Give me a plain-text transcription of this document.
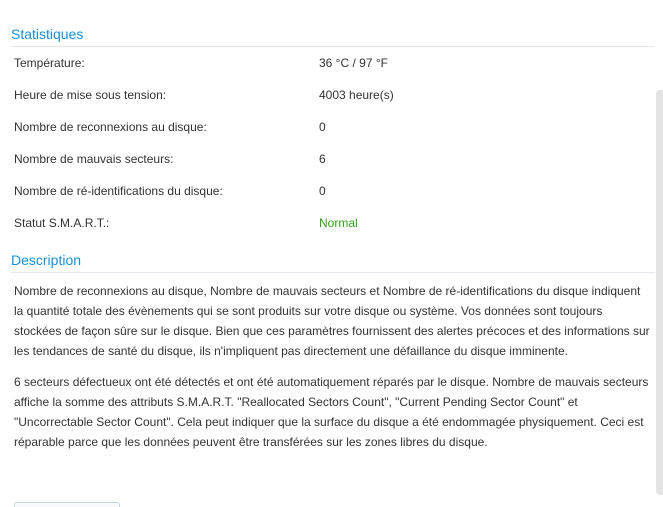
Statistiques
Température:	36 °C / 97 °F
Heure de mise sous tension:	4003 heure(s)
Nombre de reconnexions au disque:	0
Nombre de mauvais secteurs:	6
Nombre de ré-identifications du disque:	0
Statut S.M.A.R.T.:	Normal
Description

Nombre de reconnexions au disque, Nombre de mauvais secteurs et Nombre de ré-identifications du disque indiquent la quantité totale des évènements qui se sont produits sur votre disque ou système. Vos données sont toujours stockées de façon sûre sur le disque. Bien que ces paramètres fournissent des alertes précoces et des informations sur les tendances de santé du disque, ils n'impliquent pas directement une défaillance du disque imminente.

6 secteurs défectueux ont été détectés et ont été automatiquement réparés par le disque. Nombre de mauvais secteurs affiche la somme des attributs S.M.A.R.T. "Reallocated Sectors Count", "Current Pending Sector Count" et "Uncorrectable Sector Count". Cela peut indiquer que la surface du disque a été endommagée physiquement. Ceci est réparable parce que les données peuvent être transférées sur les zones libres du disque.
